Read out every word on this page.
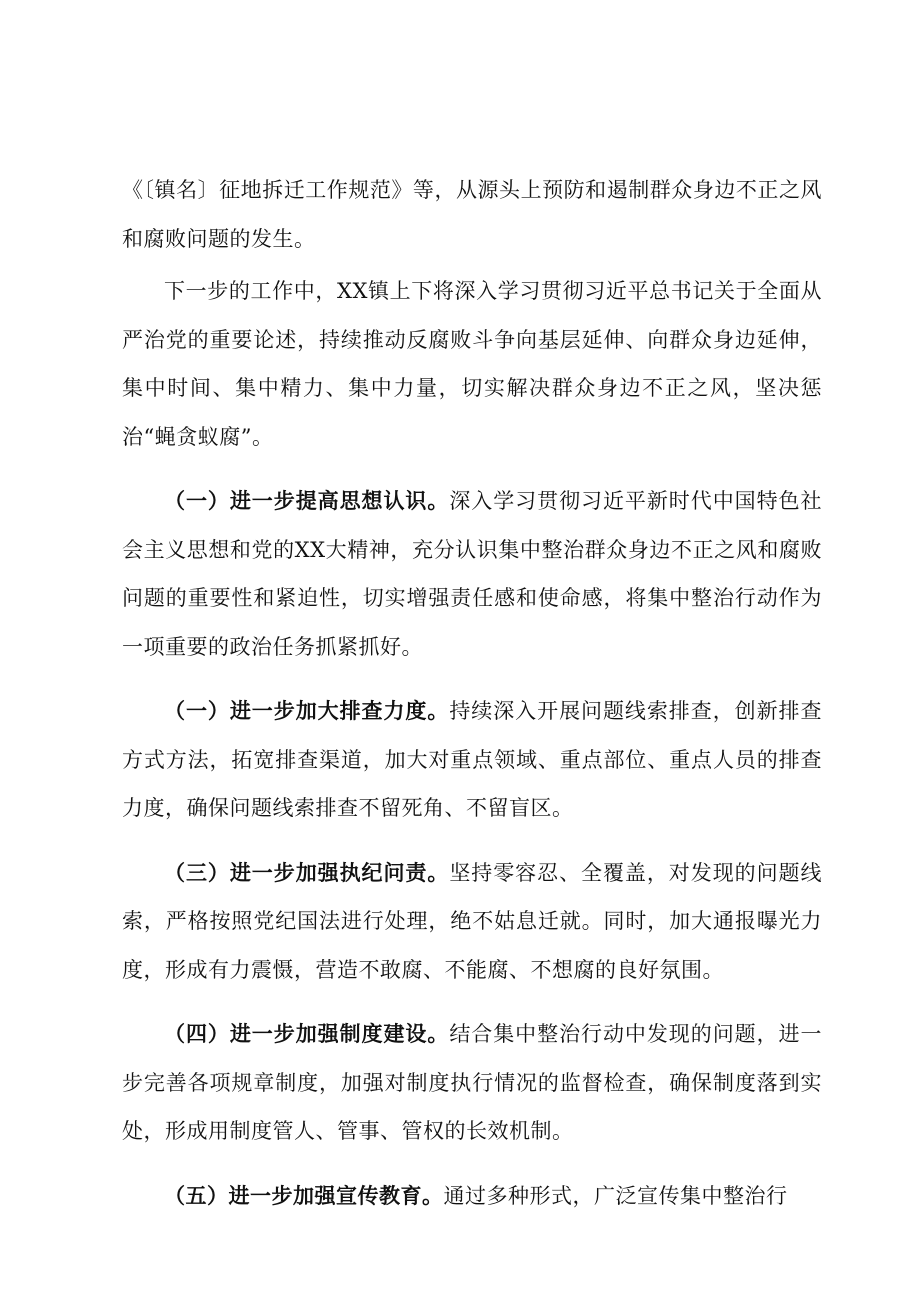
《〔镇名〕征地拆迁工作规范》等，从源头上预防和遏制群众身边不正之风和腐败问题的发生。

下一步的工作中，XX镇上下将深入学习贯彻习近平总书记关于全面从严治党的重要论述，持续推动反腐败斗争向基层延伸、向群众身边延伸，集中时间、集中精力、集中力量，切实解决群众身边不正之风，坚决惩治“蝇贪蚁腐”。

（一）进一步提高思想认识。深入学习贯彻习近平新时代中国特色社会主义思想和党的XX大精神，充分认识集中整治群众身边不正之风和腐败问题的重要性和紧迫性，切实增强责任感和使命感，将集中整治行动作为一项重要的政治任务抓紧抓好。

（一）进一步加大排查力度。持续深入开展问题线索排查，创新排查方式方法，拓宽排查渠道，加大对重点领域、重点部位、重点人员的排查力度，确保问题线索排查不留死角、不留盲区。

（三）进一步加强执纪问责。坚持零容忍、全覆盖，对发现的问题线索，严格按照党纪国法进行处理，绝不姑息迁就。同时，加大通报曝光力度，形成有力震慑，营造不敢腐、不能腐、不想腐的良好氛围。

（四）进一步加强制度建设。结合集中整治行动中发现的问题，进一步完善各项规章制度，加强对制度执行情况的监督检查，确保制度落到实处，形成用制度管人、管事、管权的长效机制。

（五）进一步加强宣传教育。通过多种形式，广泛宣传集中整治行
